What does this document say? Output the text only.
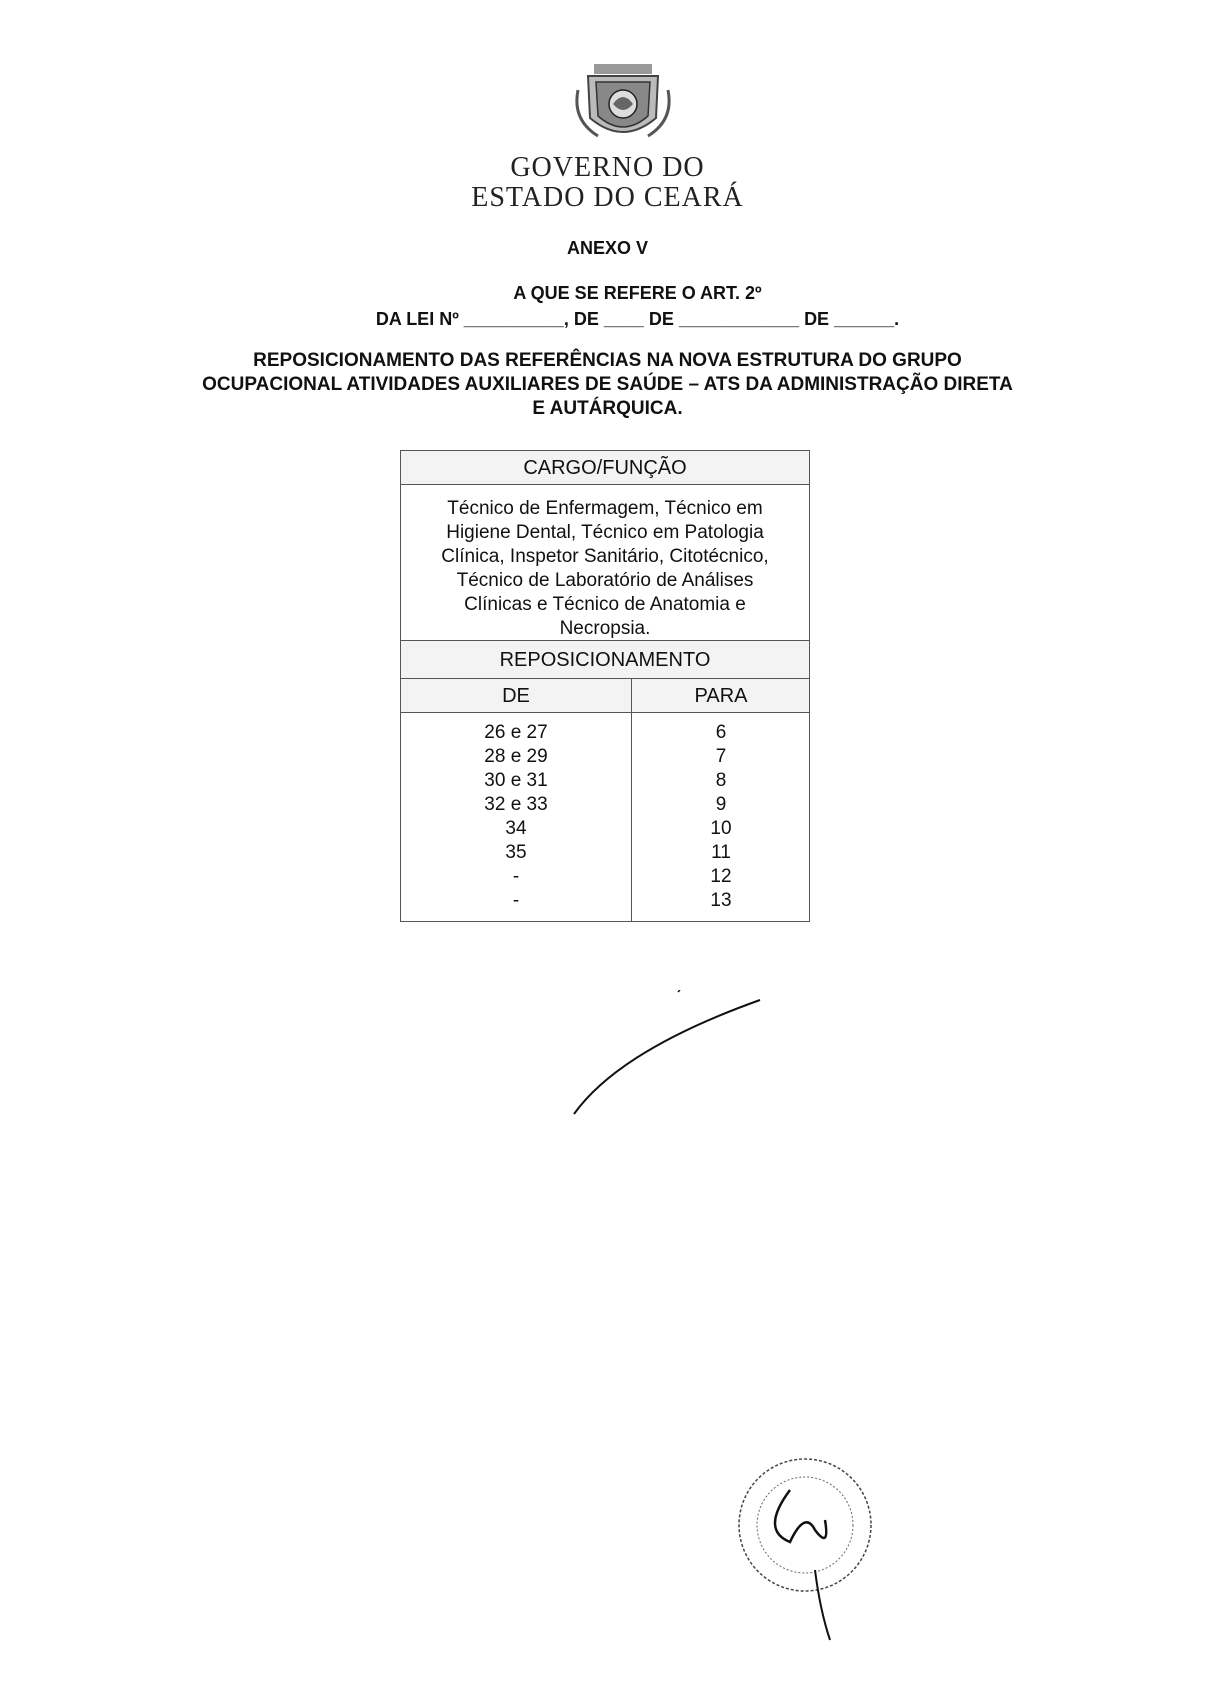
GOVERNO DO
ESTADO DO CEARÁ
ANEXO V
A QUE SE REFERE O ART. 2º
DA LEI Nº __________, DE ____ DE ____________ DE ______.
REPOSICIONAMENTO DAS REFERÊNCIAS NA NOVA ESTRUTURA DO GRUPO
OCUPACIONAL ATIVIDADES AUXILIARES DE SAÚDE – ATS DA ADMINISTRAÇÃO DIRETA
E AUTÁRQUICA.
CARGO/FUNÇÃO
Técnico de Enfermagem, Técnico em
Higiene Dental, Técnico em Patologia
Clínica, Inspetor Sanitário, Citotécnico,
Técnico de Laboratório de Análises
Clínicas e Técnico de Anatomia e
Necropsia.
REPOSICIONAMENTO
DE	PARA
26 e 27
28 e 29
30 e 31
32 e 33
34
35
-
-
6
7
8
9
10
11
12
13
